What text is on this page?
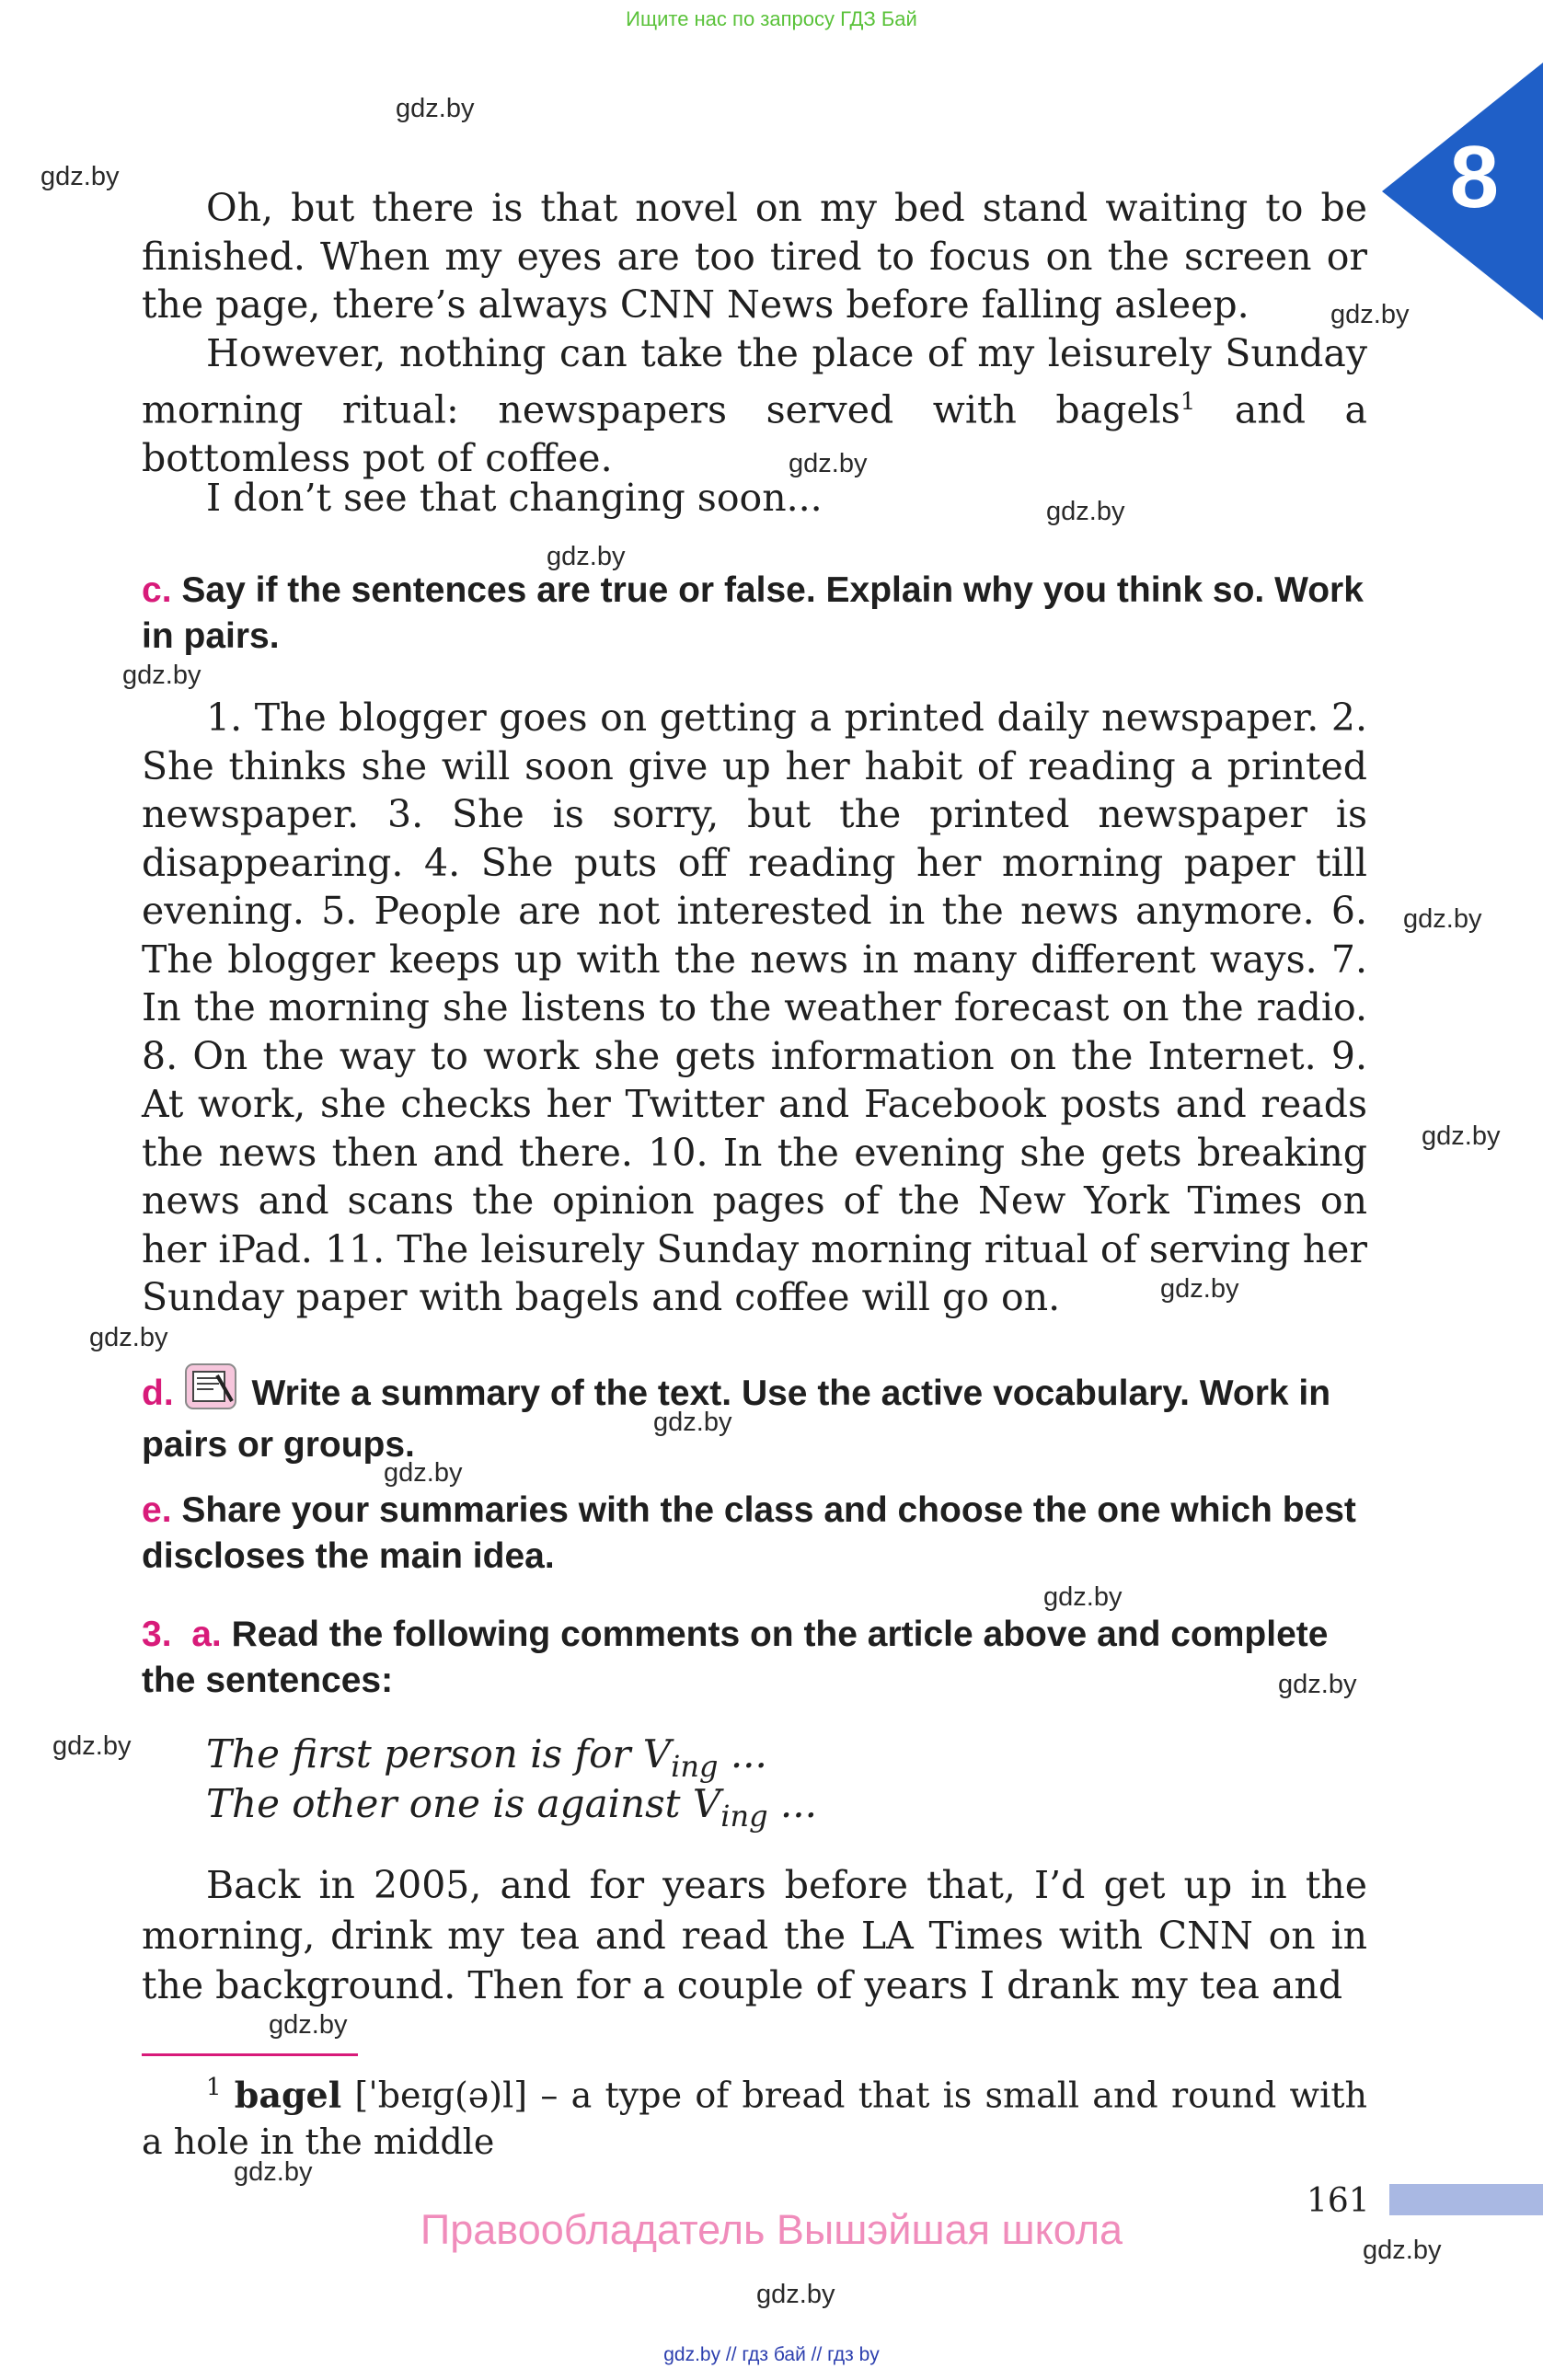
Ищите нас по запросу ГДЗ Бай
8
gdz.by
gdz.by
gdz.by
gdz.by
gdz.by
gdz.by
gdz.by
gdz.by
gdz.by
gdz.by
gdz.by
gdz.by
gdz.by
gdz.by
gdz.by
gdz.by
gdz.by
gdz.by
gdz.by
gdz.by

Oh, but there is that novel on my bed stand waiting to be finished. When my eyes are too tired to focus on the screen or the page, there’s always CNN News before falling asleep.

However, nothing can take the place of my leisurely Sunday morning ritual: newspapers served with bagels$^1$ and a bottomless pot of coffee.

I don’t see that changing soon...

c. Say if the sentences are true or false. Explain why you think so. Work in pairs.

1. The blogger goes on getting a printed daily newspaper. 2. She thinks she will soon give up her habit of reading a printed newspaper. 3. She is sorry, but the printed newspaper is disappearing. 4. She puts off reading her morning paper till evening. 5. People are not interested in the news anymore. 6. The blogger keeps up with the news in many different ways. 7. In the morning she listens to the weather forecast on the radio. 8. On the way to work she gets information on the Internet. 9. At work, she checks her Twitter and Facebook posts and reads the news then and there. 10. In the evening she gets breaking news and scans the opinion pages of the New York Times on her iPad. 11. The leisurely Sunday morning ritual of serving her Sunday paper with bagels and coffee will go on.

d. Write a summary of the text. Use the active vocabulary. Work in pairs or groups.

e. Share your summaries with the class and choose the one which best discloses the main idea.

3. a. Read the following comments on the article above and complete the sentences:

The first person is for $V_{ing}$ ...
The other one is against $V_{ing}$ ...

Back in 2005, and for years before that, I’d get up in the morning, drink my tea and read the LA Times with CNN on in the background. Then for a couple of years I drank my tea and

$^1$ bagel [ˈbeɪɡ(ə)l] – a type of bread that is small and round with a hole in the middle

161
Правообладатель Вышэйшая школа
gdz.by // гдз бай // гдз by
